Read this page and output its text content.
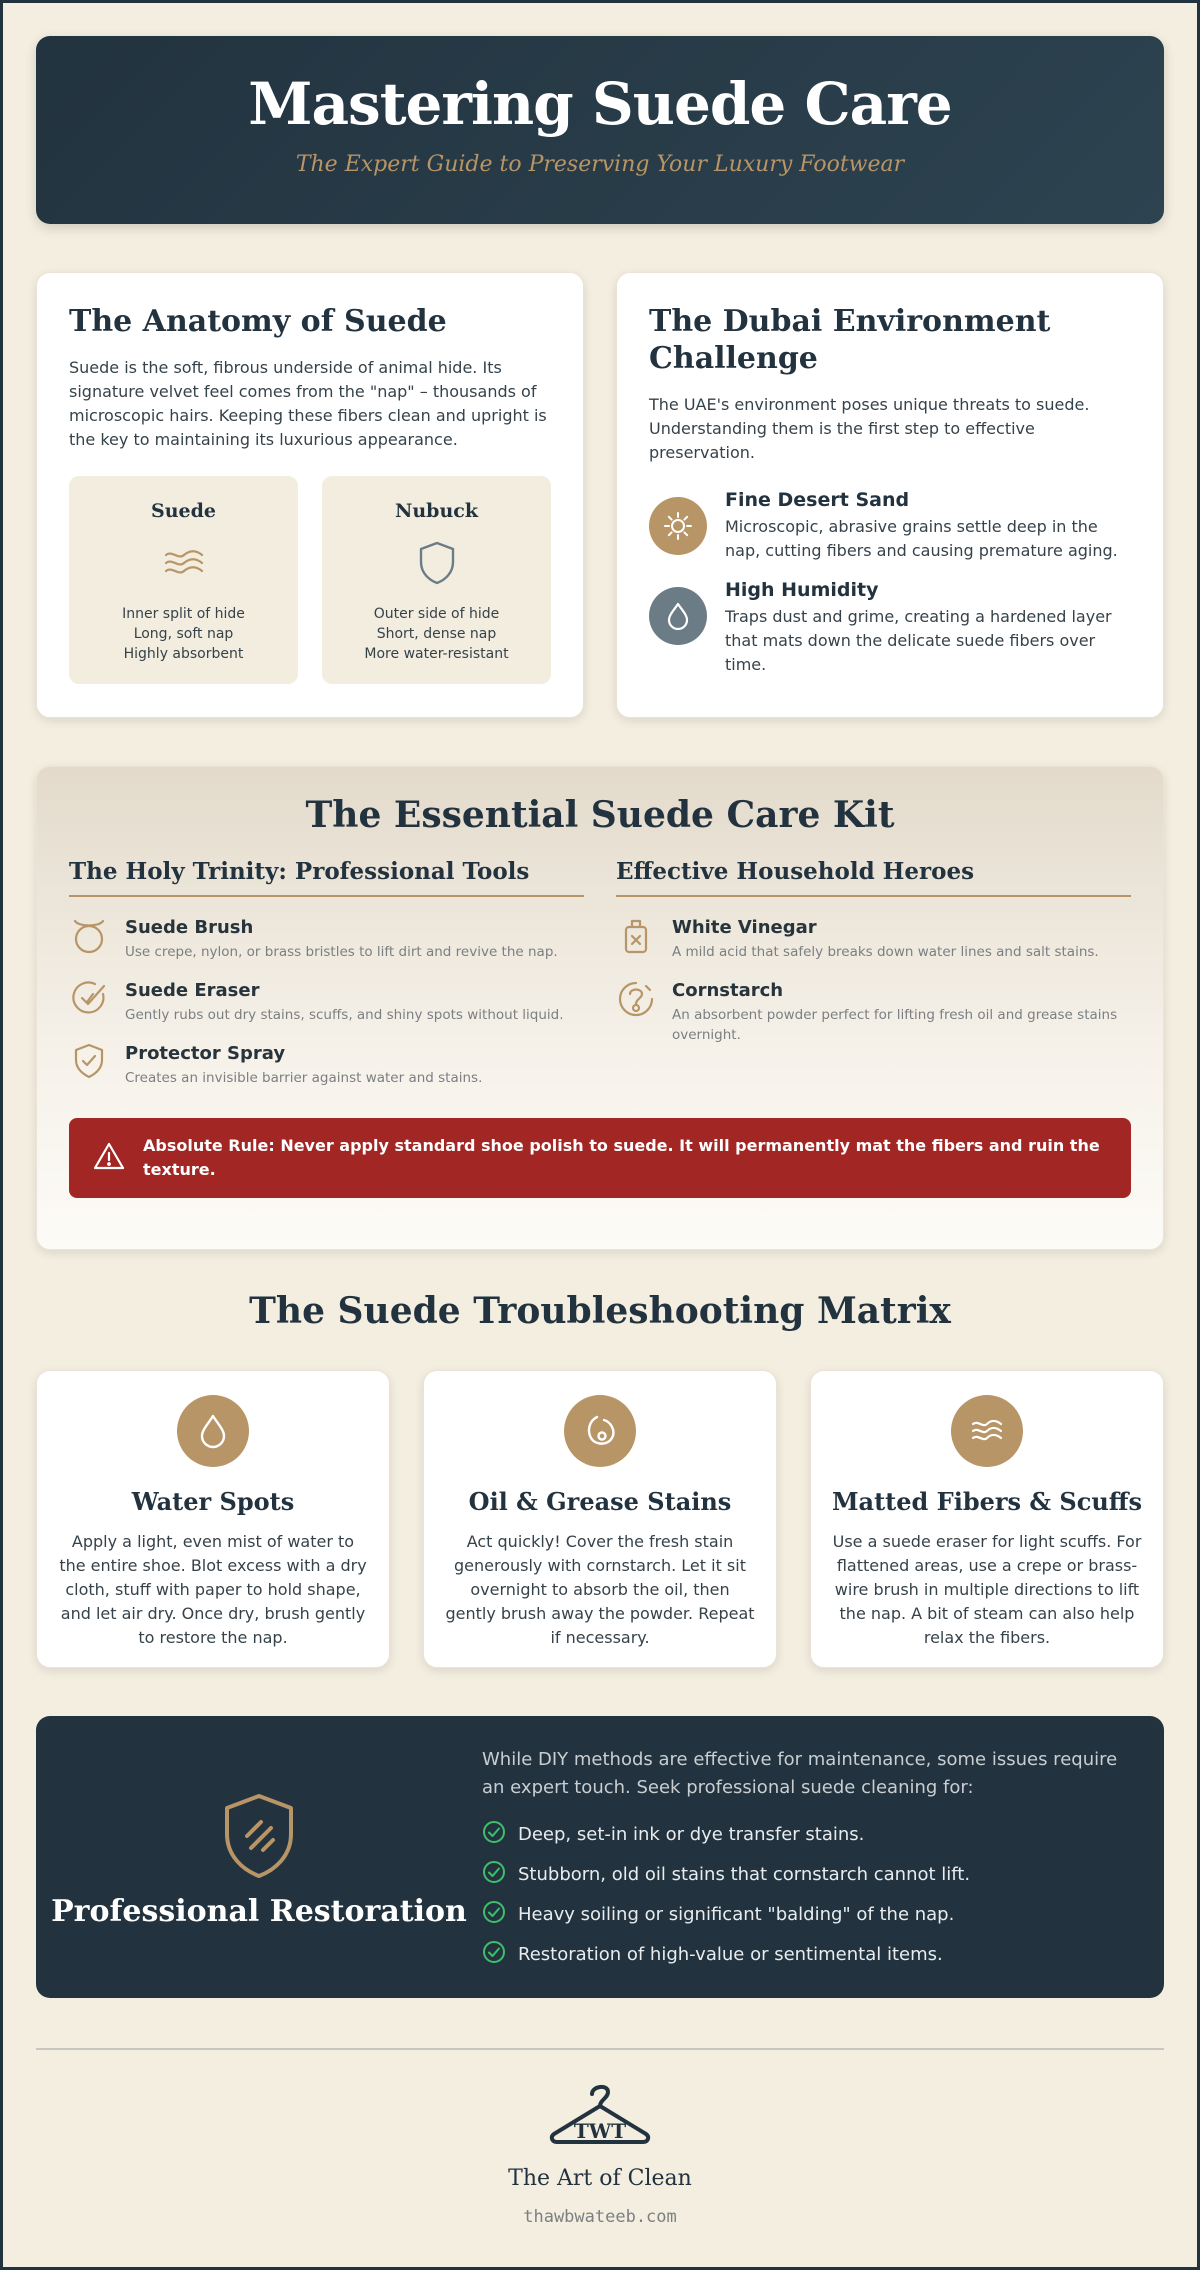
Mastering Suede Care
The Expert Guide to Preserving Your Luxury Footwear
The Anatomy of Suede

Suede is the soft, fibrous underside of animal hide. Its signature velvet feel comes from the "nap" – thousands of microscopic hairs. Keeping these fibers clean and upright is the key to maintaining its luxurious appearance.

Suede
Inner split of hide
Long, soft nap
Highly absorbent
Nubuck
Outer side of hide
Short, dense nap
More water-resistant
The Dubai Environment Challenge

The UAE's environment poses unique threats to suede. Understanding them is the first step to effective preservation.

Fine Desert Sand
Microscopic, abrasive grains settle deep in the nap, cutting fibers and causing premature aging.
High Humidity
Traps dust and grime, creating a hardened layer that mats down the delicate suede fibers over time.
The Essential Suede Care Kit
The Holy Trinity: Professional Tools
Suede Brush
Use crepe, nylon, or brass bristles to lift dirt and revive the nap.
Suede Eraser
Gently rubs out dry stains, scuffs, and shiny spots without liquid.
Protector Spray
Creates an invisible barrier against water and stains.
Effective Household Heroes
White Vinegar
A mild acid that safely breaks down water lines and salt stains.
Cornstarch
An absorbent powder perfect for lifting fresh oil and grease stains overnight.
Absolute Rule: Never apply standard shoe polish to suede. It will permanently mat the fibers and ruin the texture.
The Suede Troubleshooting Matrix
Water Spots
Apply a light, even mist of water to the entire shoe. Blot excess with a dry cloth, stuff with paper to hold shape, and let air dry. Once dry, brush gently to restore the nap.
Oil & Grease Stains
Act quickly! Cover the fresh stain generously with cornstarch. Let it sit overnight to absorb the oil, then gently brush away the powder. Repeat if necessary.
Matted Fibers & Scuffs
Use a suede eraser for light scuffs. For flattened areas, use a crepe or brass-wire brush in multiple directions to lift the nap. A bit of steam can also help relax the fibers.
Professional Restoration

While DIY methods are effective for maintenance, some issues require an expert touch. Seek professional suede cleaning for:

Deep, set-in ink or dye transfer stains.
Stubborn, old oil stains that cornstarch cannot lift.
Heavy soiling or significant "balding" of the nap.
Restoration of high-value or sentimental items.
TWT
The Art of Clean
thawbwateeb.com
